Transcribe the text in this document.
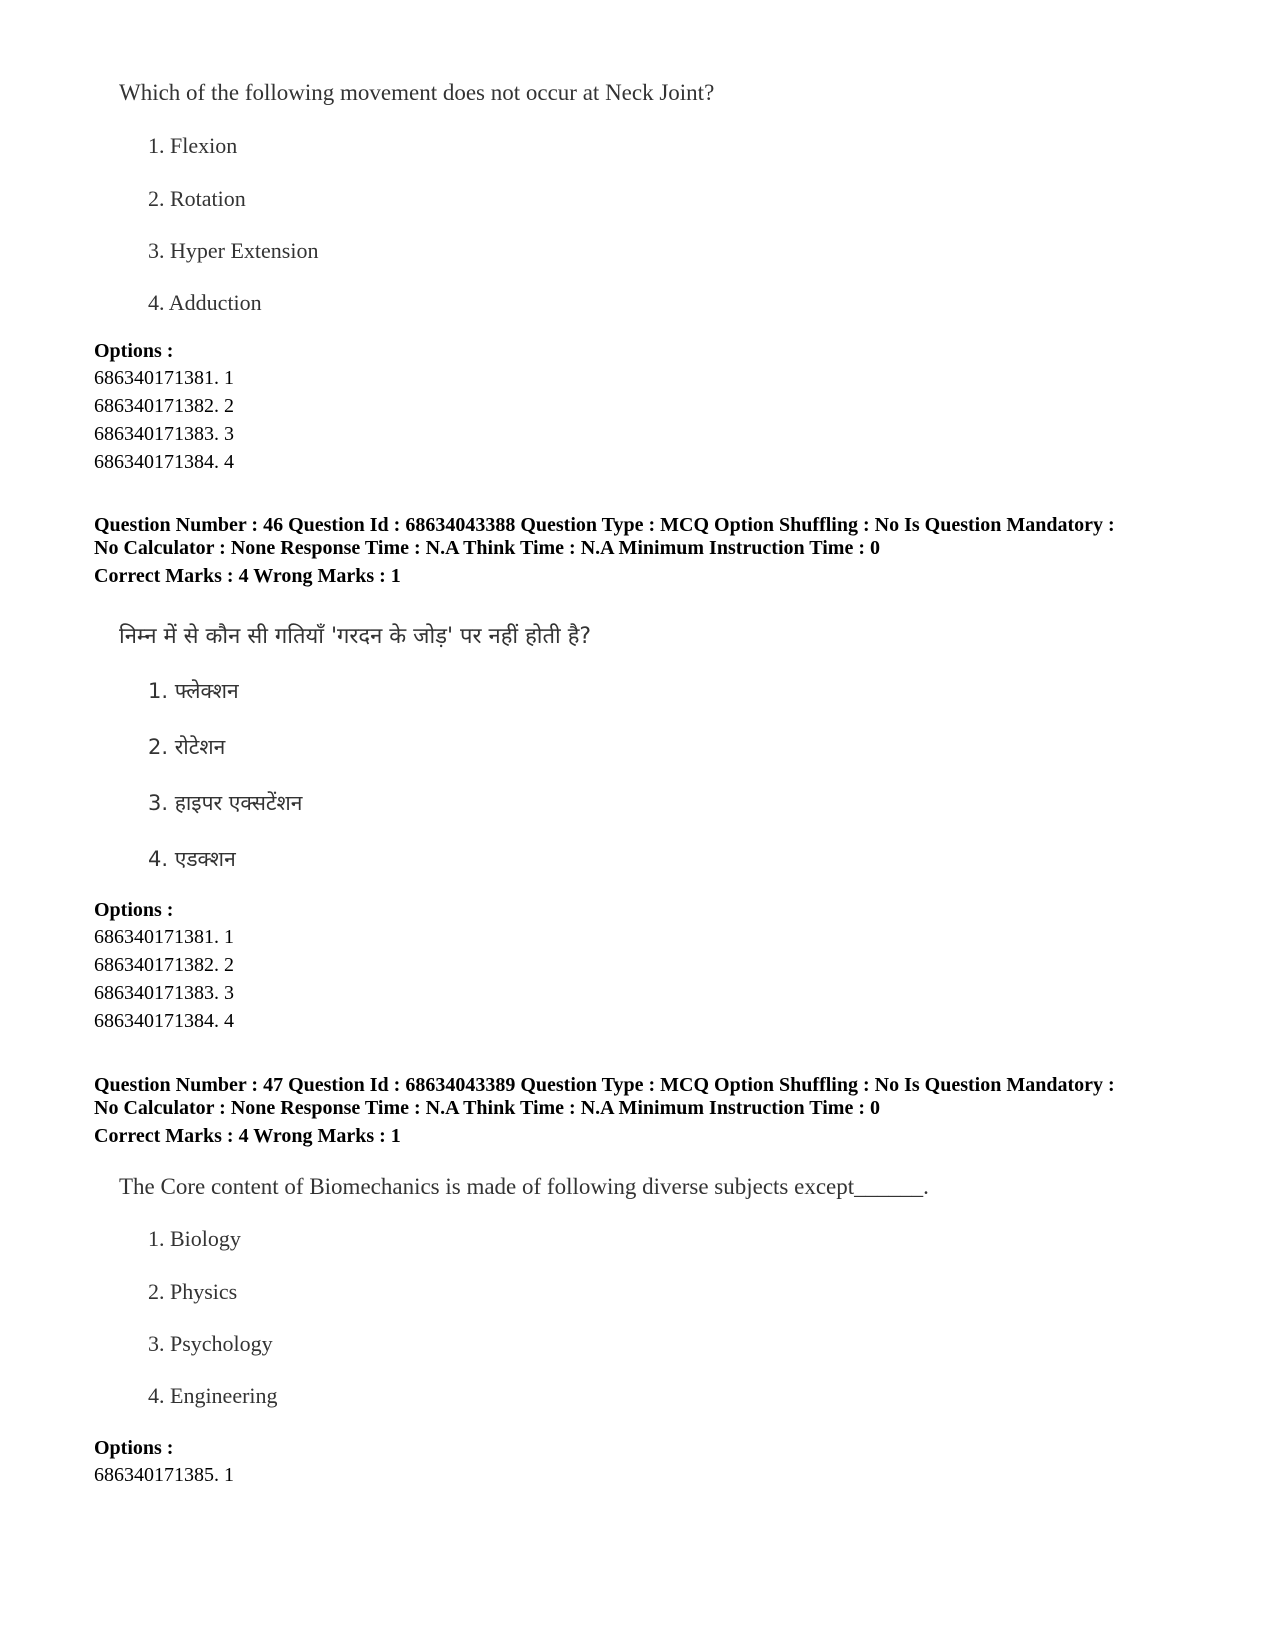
Which of the following movement does not occur at Neck Joint?
1. Flexion
2. Rotation
3. Hyper Extension
4. Adduction
Options :
686340171381. 1
686340171382. 2
686340171383. 3
686340171384. 4
Question Number : 46 Question Id : 68634043388 Question Type : MCQ Option Shuffling : No Is Question Mandatory :
No Calculator : None Response Time : N.A Think Time : N.A Minimum Instruction Time : 0
Correct Marks : 4 Wrong Marks : 1
निम्न में से कौन सी गतियाँ 'गरदन के जोड़' पर नहीं होती है?
1. फ्लेक्शन
2. रोटेशन
3. हाइपर एक्सटेंशन
4. एडक्शन
Options :
686340171381. 1
686340171382. 2
686340171383. 3
686340171384. 4
Question Number : 47 Question Id : 68634043389 Question Type : MCQ Option Shuffling : No Is Question Mandatory :
No Calculator : None Response Time : N.A Think Time : N.A Minimum Instruction Time : 0
Correct Marks : 4 Wrong Marks : 1
The Core content of Biomechanics is made of following diverse subjects except______.
1. Biology
2. Physics
3. Psychology
4. Engineering
Options :
686340171385. 1
